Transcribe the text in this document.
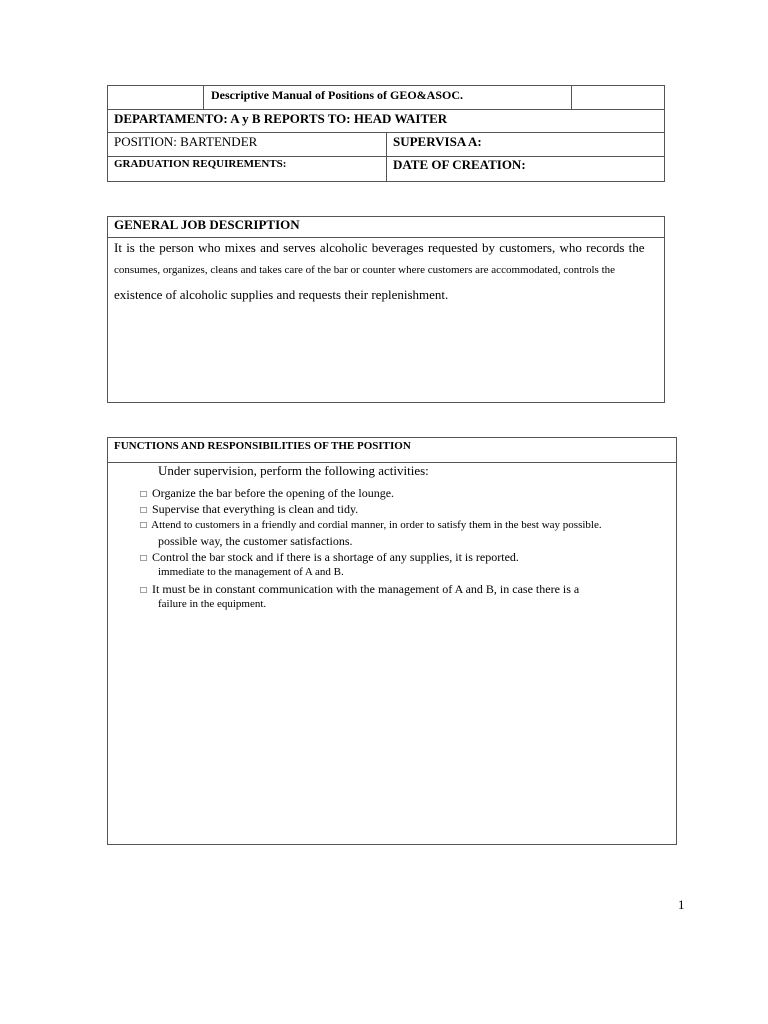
Descriptive Manual of Positions of GEO&ASOC.
DEPARTAMENTO: A y B REPORTS TO: HEAD WAITER
POSITION: BARTENDER	SUPERVISA A:
GRADUATION REQUIREMENTS:	DATE OF CREATION:
GENERAL JOB DESCRIPTION
It is the person who mixes and serves alcoholic beverages requested by customers, who records the
consumes, organizes, cleans and takes care of the bar or counter where customers are accommodated, controls the
existence of alcoholic supplies and requests their replenishment.
FUNCTIONS AND RESPONSIBILITIES OF THE POSITION
Under supervision, perform the following activities:
□ Organize the bar before the opening of the lounge.
□ Supervise that everything is clean and tidy.
□ Attend to customers in a friendly and cordial manner, in order to satisfy them in the best way possible.
possible way, the customer satisfactions.
□ Control the bar stock and if there is a shortage of any supplies, it is reported.
immediate to the management of A and B.
□ It must be in constant communication with the management of A and B, in case there is a
failure in the equipment.
1
